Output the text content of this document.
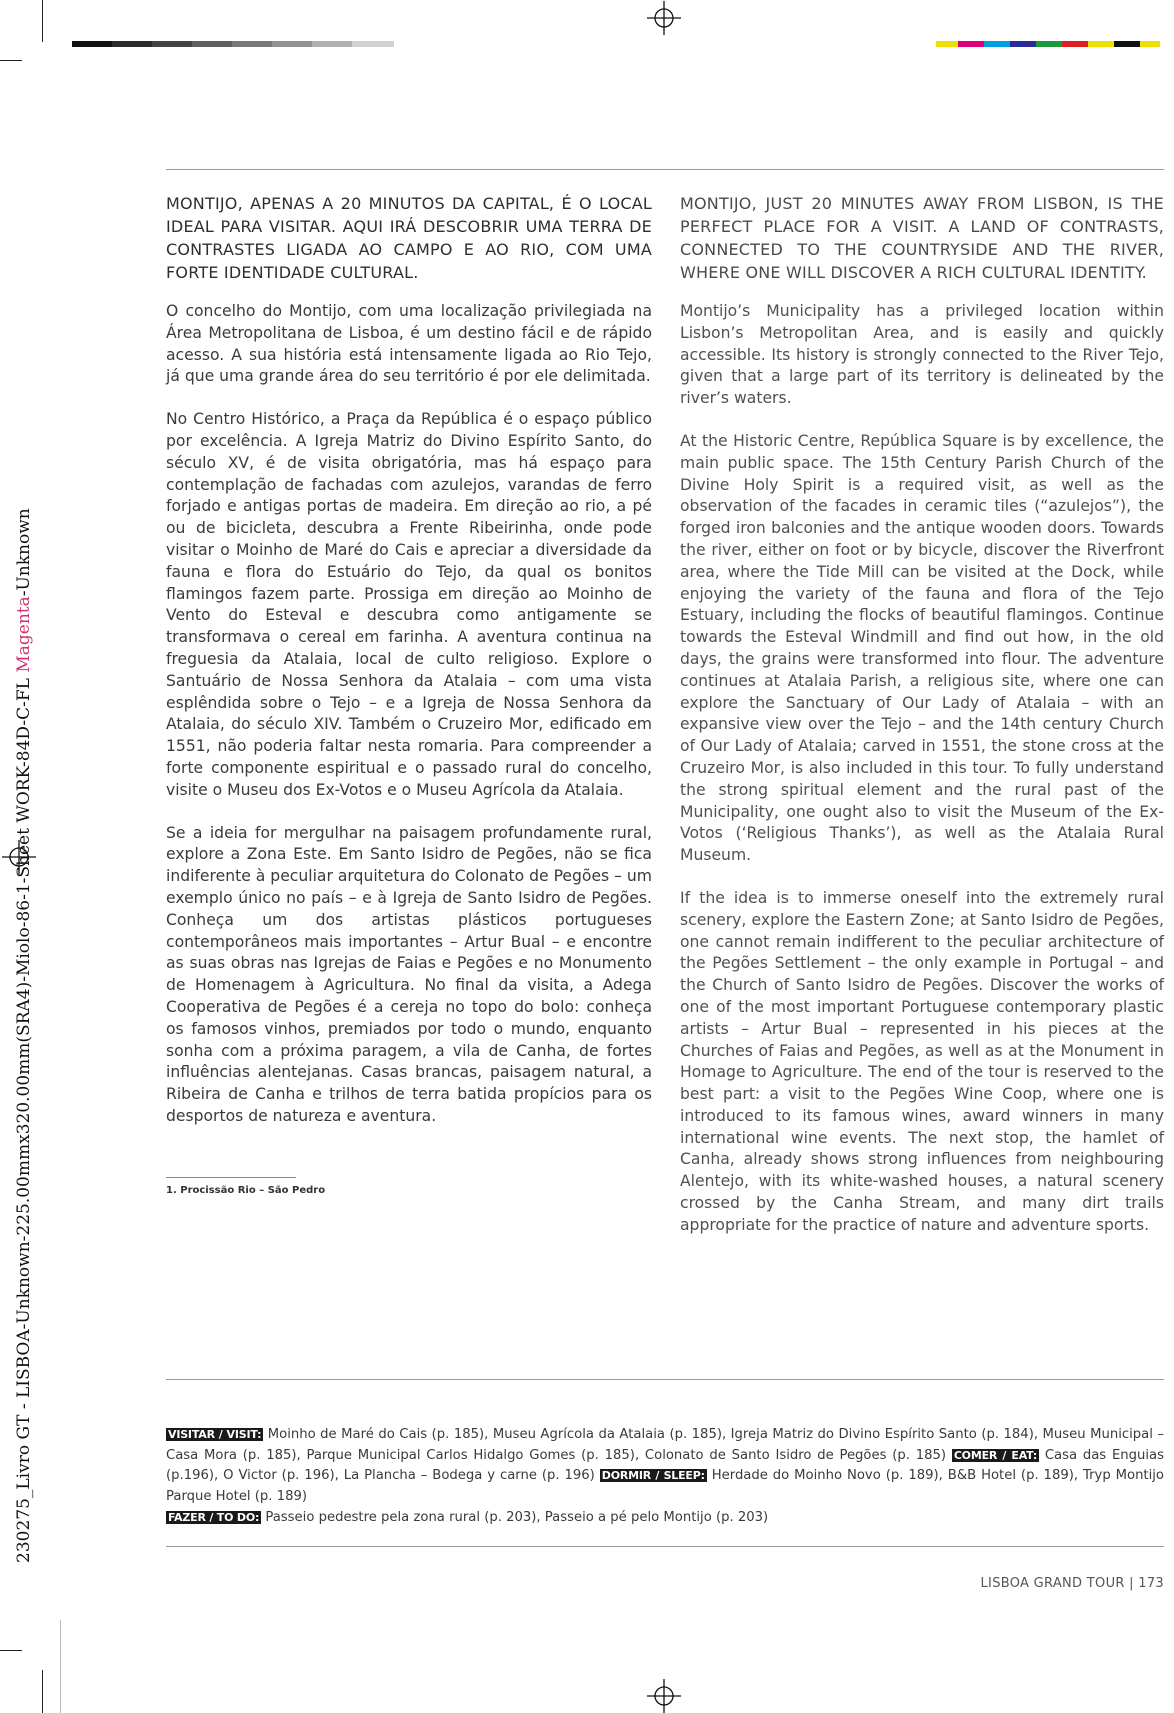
230275_Livro GT - LISBOA-Unknown-225.00mmx320.00mm(SRA4)-Miolo-86-1-Sheet WORK-84D-C-FL Magenta-Unknown

MONTIJO, APENAS A 20 MINUTOS DA CAPITAL, É O LOCAL IDEAL PARA VISITAR. AQUI IRÁ DESCOBRIR UMA TERRA DE CONTRASTES LIGADA AO CAMPO E AO RIO, COM UMA FORTE IDENTIDADE CULTURAL.

O concelho do Montijo, com uma localização privilegiada na Área Metropolitana de Lisboa, é um destino fácil e de rápido acesso. A sua história está intensamente ligada ao Rio Tejo, já que uma grande área do seu território é por ele delimitada.

No Centro Histórico, a Praça da República é o espaço público por excelência. A Igreja Matriz do Divino Espírito Santo, do século XV, é de visita obrigatória, mas há espaço para contemplação de fachadas com azulejos, varandas de ferro forjado e antigas portas de madeira. Em direção ao rio, a pé ou de bicicleta, descubra a Frente Ribeirinha, onde pode visitar o Moinho de Maré do Cais e apreciar a diversidade da fauna e flora do Estuário do Tejo, da qual os bonitos flamingos fazem parte. Prossiga em direção ao Moinho de Vento do Esteval e descubra como antigamente se transformava o cereal em farinha. A aventura continua na freguesia da Atalaia, local de culto religioso. Explore o Santuário de Nossa Senhora da Atalaia – com uma vista esplêndida sobre o Tejo – e a Igreja de Nossa Senhora da Atalaia, do século XIV. Também o Cruzeiro Mor, edificado em 1551, não poderia faltar nesta romaria. Para compreender a forte componente espiritual e o passado rural do concelho, visite o Museu dos Ex-Votos e o Museu Agrícola da Atalaia.

Se a ideia for mergulhar na paisagem profundamente rural, explore a Zona Este. Em Santo Isidro de Pegões, não se fica indiferente à peculiar arquitetura do Colonato de Pegões – um exemplo único no país – e à Igreja de Santo Isidro de Pegões. Conheça um dos artistas plásticos portugueses contemporâneos mais importantes – Artur Bual – e encontre as suas obras nas Igrejas de Faias e Pegões e no Monumento de Homenagem à Agricultura. No final da visita, a Adega Cooperativa de Pegões é a cereja no topo do bolo: conheça os famosos vinhos, premiados por todo o mundo, enquanto sonha com a próxima paragem, a vila de Canha, de fortes influências alentejanas. Casas brancas, paisagem natural, a Ribeira de Canha e trilhos de terra batida propícios para os desportos de natureza e aventura.

MONTIJO, JUST 20 MINUTES AWAY FROM LISBON, IS THE PERFECT PLACE FOR A VISIT. A LAND OF CONTRASTS, CONNECTED TO THE COUNTRYSIDE AND THE RIVER, WHERE ONE WILL DISCOVER A RICH CULTURAL IDENTITY.

Montijo’s Municipality has a privileged location within Lisbon’s Metropolitan Area, and is easily and quickly accessible. Its history is strongly connected to the River Tejo, given that a large part of its territory is delineated by the river’s waters.

At the Historic Centre, República Square is by excellence, the main public space. The 15th Century Parish Church of the Divine Holy Spirit is a required visit, as well as the observation of the facades in ceramic tiles (“azulejos”), the forged iron balconies and the antique wooden doors. Towards the river, either on foot or by bicycle, discover the Riverfront area, where the Tide Mill can be visited at the Dock, while enjoying the variety of the fauna and flora of the Tejo Estuary, including the flocks of beautiful flamingos. Continue towards the Esteval Windmill and find out how, in the old days, the grains were transformed into flour. The adventure continues at Atalaia Parish, a religious site, where one can explore the Sanctuary of Our Lady of Atalaia – with an expansive view over the Tejo – and the 14th century Church of Our Lady of Atalaia; carved in 1551, the stone cross at the Cruzeiro Mor, is also included in this tour. To fully understand the strong spiritual element and the rural past of the Municipality, one ought also to visit the Museum of the Ex-Votos (‘Religious Thanks’), as well as the Atalaia Rural Museum.

If the idea is to immerse oneself into the extremely rural scenery, explore the Eastern Zone; at Santo Isidro de Pegões, one cannot remain indifferent to the peculiar architecture of the Pegões Settlement – the only example in Portugal – and the Church of Santo Isidro de Pegões. Discover the works of one of the most important Portuguese contemporary plastic artists – Artur Bual – represented in his pieces at the Churches of Faias and Pegões, as well as at the Monument in Homage to Agriculture. The end of the tour is reserved to the best part: a visit to the Pegões Wine Coop, where one is introduced to its famous wines, award winners in many international wine events. The next stop, the hamlet of Canha, already shows strong influences from neighbouring Alentejo, with its white-washed houses, a natural scenery crossed by the Canha Stream, and many dirt trails appropriate for the practice of nature and adventure sports.

1. Procissão Rio – São Pedro
VISITAR / VISIT: Moinho de Maré do Cais (p. 185), Museu Agrícola da Atalaia (p. 185), Igreja Matriz do Divino Espírito Santo (p. 184), Museu Municipal – Casa Mora (p. 185), Parque Municipal Carlos Hidalgo Gomes (p. 185), Colonato de Santo Isidro de Pegões (p. 185) COMER / EAT: Casa das Enguias (p.196), O Victor (p. 196), La Plancha – Bodega y carne (p. 196) DORMIR / SLEEP: Herdade do Moinho Novo (p. 189), B&B Hotel (p. 189), Tryp Montijo Parque Hotel (p. 189)
FAZER / TO DO: Passeio pedestre pela zona rural (p. 203), Passeio a pé pelo Montijo (p. 203)
LISBOA GRAND TOUR | 173
